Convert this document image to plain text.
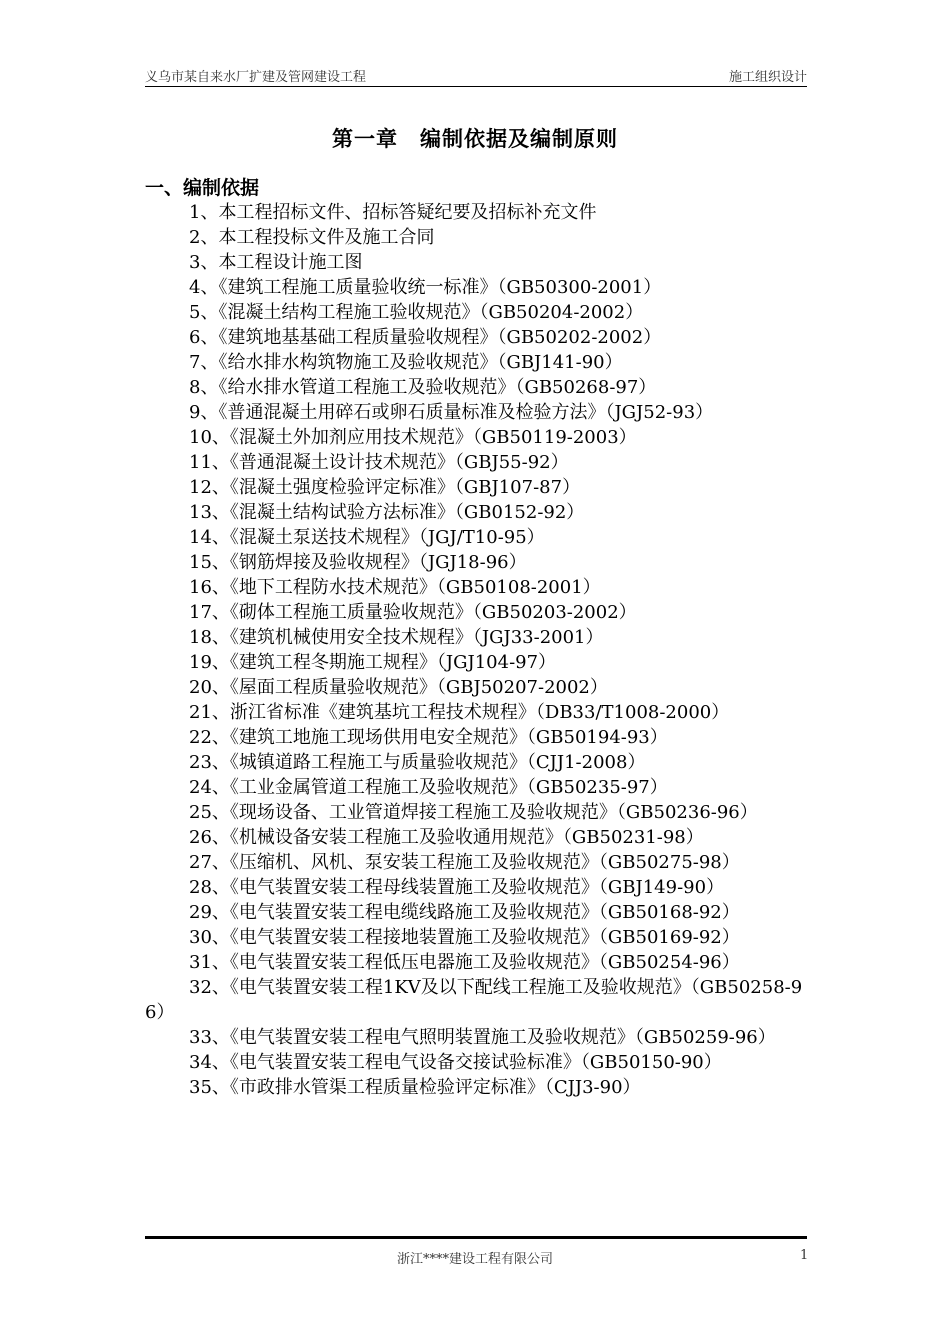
义乌市某自来水厂扩建及管网建设工程	施工组织设计
第一章　编制依据及编制原则
一、编制依据
1、本工程招标文件、招标答疑纪要及招标补充文件
2、本工程投标文件及施工合同
3、本工程设计施工图
4、《建筑工程施工质量验收统一标准》（GB50300-2001）
5、《混凝土结构工程施工验收规范》（GB50204-2002）
6、《建筑地基基础工程质量验收规程》（GB50202-2002）
7、《给水排水构筑物施工及验收规范》（GBJ141-90）
8、《给水排水管道工程施工及验收规范》（GB50268-97）
9、《普通混凝土用碎石或卵石质量标准及检验方法》（JGJ52-93）
10、《混凝土外加剂应用技术规范》（GB50119-2003）
11、《普通混凝土设计技术规范》（GBJ55-92）
12、《混凝土强度检验评定标准》（GBJ107-87）
13、《混凝土结构试验方法标准》（GB0152-92）
14、《混凝土泵送技术规程》（JGJ/T10-95）
15、《钢筋焊接及验收规程》（JGJ18-96）
16、《地下工程防水技术规范》（GB50108-2001）
17、《砌体工程施工质量验收规范》（GB50203-2002）
18、《建筑机械使用安全技术规程》（JGJ33-2001）
19、《建筑工程冬期施工规程》（JGJ104-97）
20、《屋面工程质量验收规范》（GBJ50207-2002）
21、浙江省标准《建筑基坑工程技术规程》（DB33/T1008-2000）
22、《建筑工地施工现场供用电安全规范》（GB50194-93）
23、《城镇道路工程施工与质量验收规范》（CJJ1-2008）
24、《工业金属管道工程施工及验收规范》（GB50235-97）
25、《现场设备、工业管道焊接工程施工及验收规范》（GB50236-96）
26、《机械设备安装工程施工及验收通用规范》（GB50231-98）
27、《压缩机、风机、泵安装工程施工及验收规范》（GB50275-98）
28、《电气装置安装工程母线装置施工及验收规范》（GBJ149-90）
29、《电气装置安装工程电缆线路施工及验收规范》（GB50168-92）
30、《电气装置安装工程接地装置施工及验收规范》（GB50169-92）
31、《电气装置安装工程低压电器施工及验收规范》（GB50254-96）
32、《电气装置安装工程1KV及以下配线工程施工及验收规范》（GB50258-96）
33、《电气装置安装工程电气照明装置施工及验收规范》（GB50259-96）
34、《电气装置安装工程电气设备交接试验标准》（GB50150-90）
35、《市政排水管渠工程质量检验评定标准》（CJJ3-90）
浙江****建设工程有限公司	1
